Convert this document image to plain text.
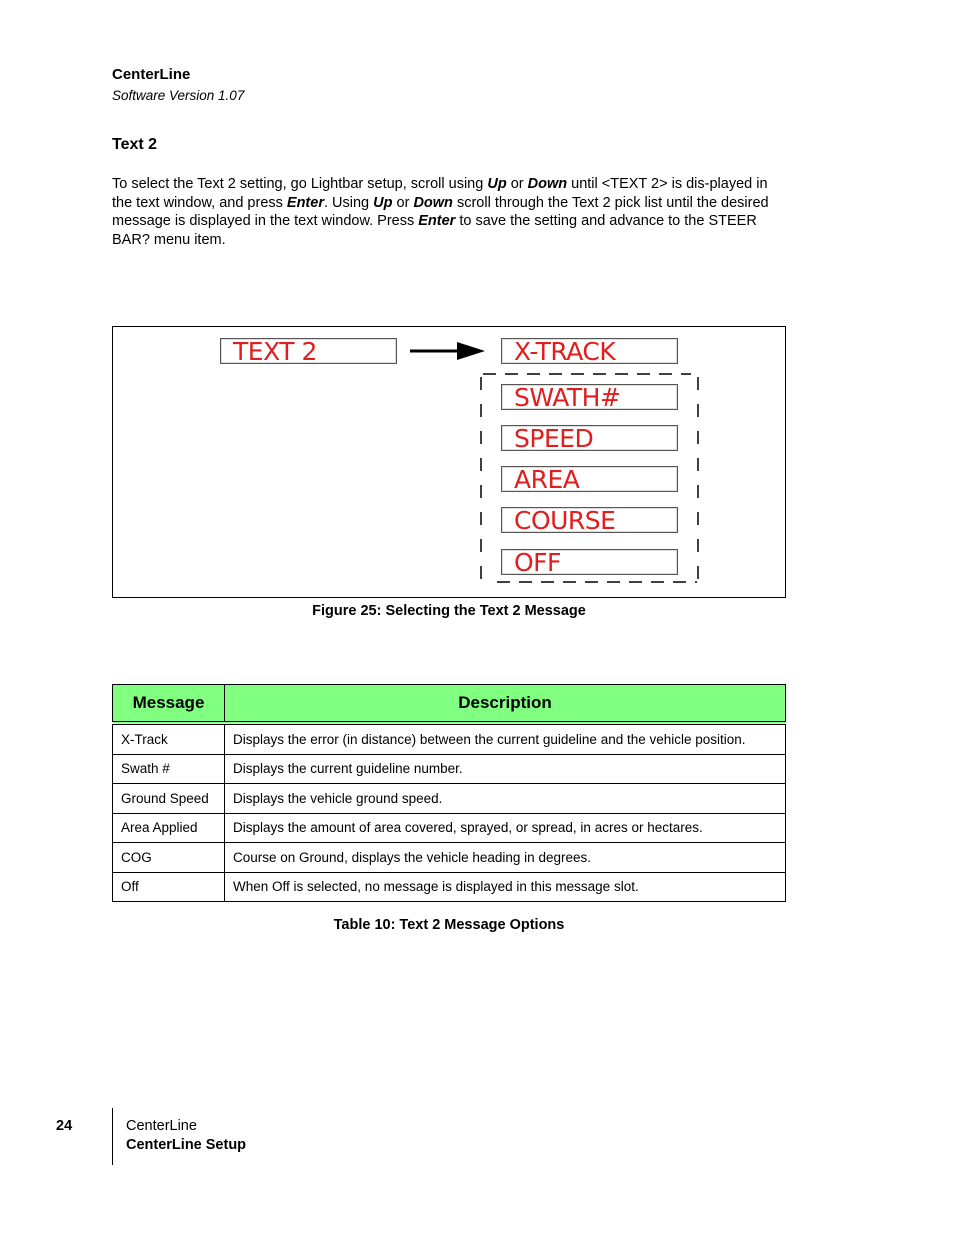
CenterLine
Software Version 1.07
Text 2
To select the Text 2 setting, go Lightbar setup, scroll using Up or Down until <TEXT 2> is dis-played in the text window, and press Enter. Using Up or Down scroll through the Text 2 pick list until the desired message is displayed in the text window. Press Enter to save the setting and advance to the STEER BAR? menu item.
TEXT 2	X-TRACK
SWATH#
SPEED
AREA
COURSE
OFF
Figure 25: Selecting the Text 2 Message
Message	Description
X-Track	Displays the error (in distance) between the current guideline and the vehicle position.
Swath #	Displays the current guideline number.
Ground Speed	Displays the vehicle ground speed.
Area Applied	Displays the amount of area covered, sprayed, or spread, in acres or hectares.
COG	Course on Ground, displays the vehicle heading in degrees.
Off	When Off is selected, no message is displayed in this message slot.
Table 10: Text 2 Message Options
24	CenterLine
CenterLine Setup
